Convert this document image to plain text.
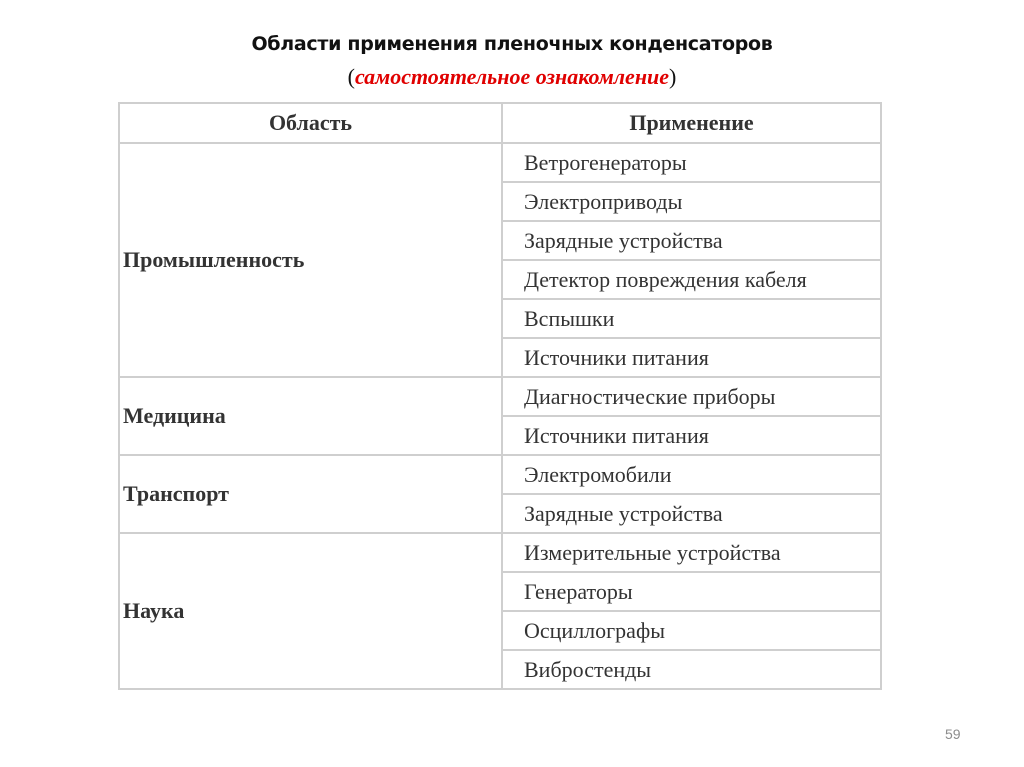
Области применения пленочных конденсаторов
(самостоятельное ознакомление)
Область	Применение
Промышленность	Ветрогенераторы
	Электроприводы
	Зарядные устройства
	Детектор повреждения кабеля
	Вспышки
	Источники питания
Медицина	Диагностические приборы
	Источники питания
Транспорт	Электромобили
	Зарядные устройства
Наука	Измерительные устройства
	Генераторы
	Осциллографы
	Вибростенды
59
